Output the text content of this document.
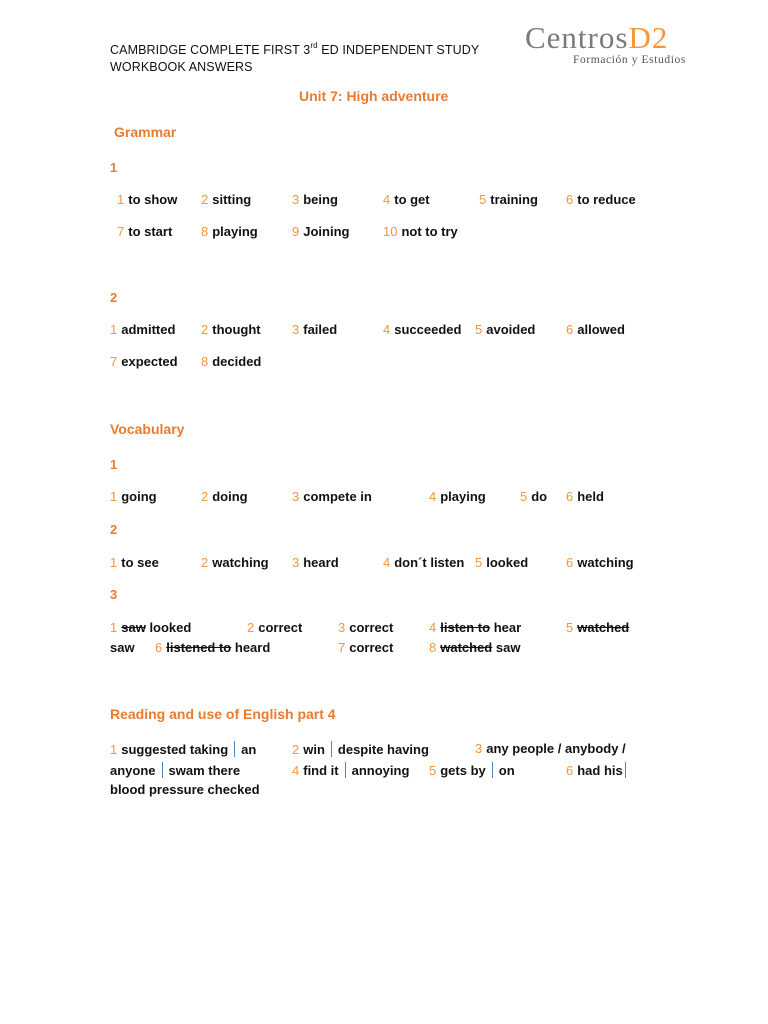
CAMBRIDGE COMPLETE FIRST 3rd ED INDEPENDENT STUDY
WORKBOOK ANSWERS
CentrosD2
Formación y Estudios
Unit 7: High adventure
Grammar
1
1 to show 2 sitting	3 being	4 to get	5 training 6 to reduce
7 to start 8 playing	9 Joining	10 not to try
2
1 admitted 2 thought 3 failed	4 succeeded 5 avoided 6 allowed
7 expected 8 decided
Vocabulary
1
1 going	2 doing	3 compete in	4 playing	5 do 6 held
2
1 to see	2 watching 3 heard	4 don´t listen 5 looked	6 watching
3
1 saw looked	2 correct	3 correct	4 listen to hear	5 watched
saw 6 listened to heard	7 correct	8 watched saw
Reading and use of English part 4
1 suggested taking an	2 win despite having	3 any people / anybody /
anyone swam there	4 find it annoying 5 gets by on	6 had his
blood pressure checked
